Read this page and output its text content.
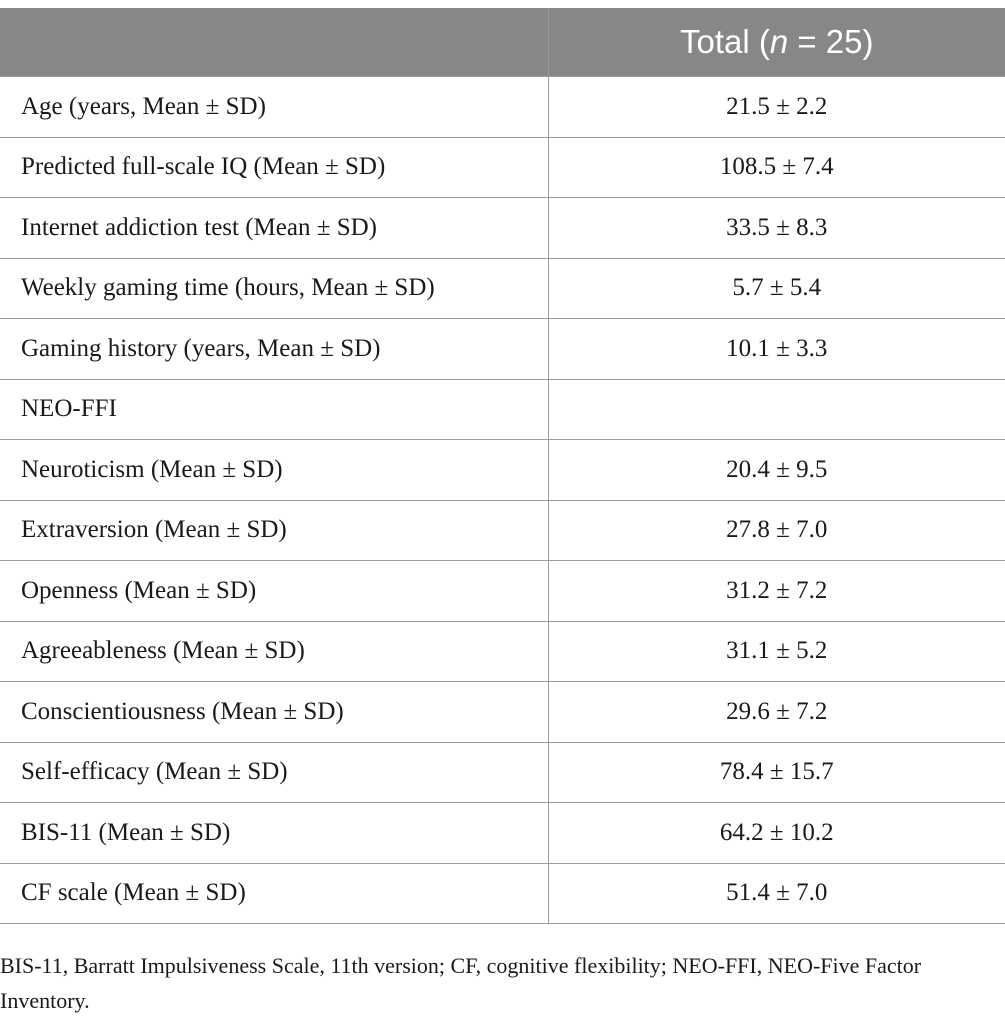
	Total (n = 25)
Age (years, Mean ± SD)	21.5 ± 2.2
Predicted full-scale IQ (Mean ± SD)	108.5 ± 7.4
Internet addiction test (Mean ± SD)	33.5 ± 8.3
Weekly gaming time (hours, Mean ± SD)	5.7 ± 5.4
Gaming history (years, Mean ± SD)	10.1 ± 3.3
NEO-FFI	
Neuroticism (Mean ± SD)	20.4 ± 9.5
Extraversion (Mean ± SD)	27.8 ± 7.0
Openness (Mean ± SD)	31.2 ± 7.2
Agreeableness (Mean ± SD)	31.1 ± 5.2
Conscientiousness (Mean ± SD)	29.6 ± 7.2
Self-efficacy (Mean ± SD)	78.4 ± 15.7
BIS-11 (Mean ± SD)	64.2 ± 10.2
CF scale (Mean ± SD)	51.4 ± 7.0
BIS-11, Barratt Impulsiveness Scale, 11th version; CF, cognitive flexibility; NEO-FFI, NEO-Five Factor Inventory.
